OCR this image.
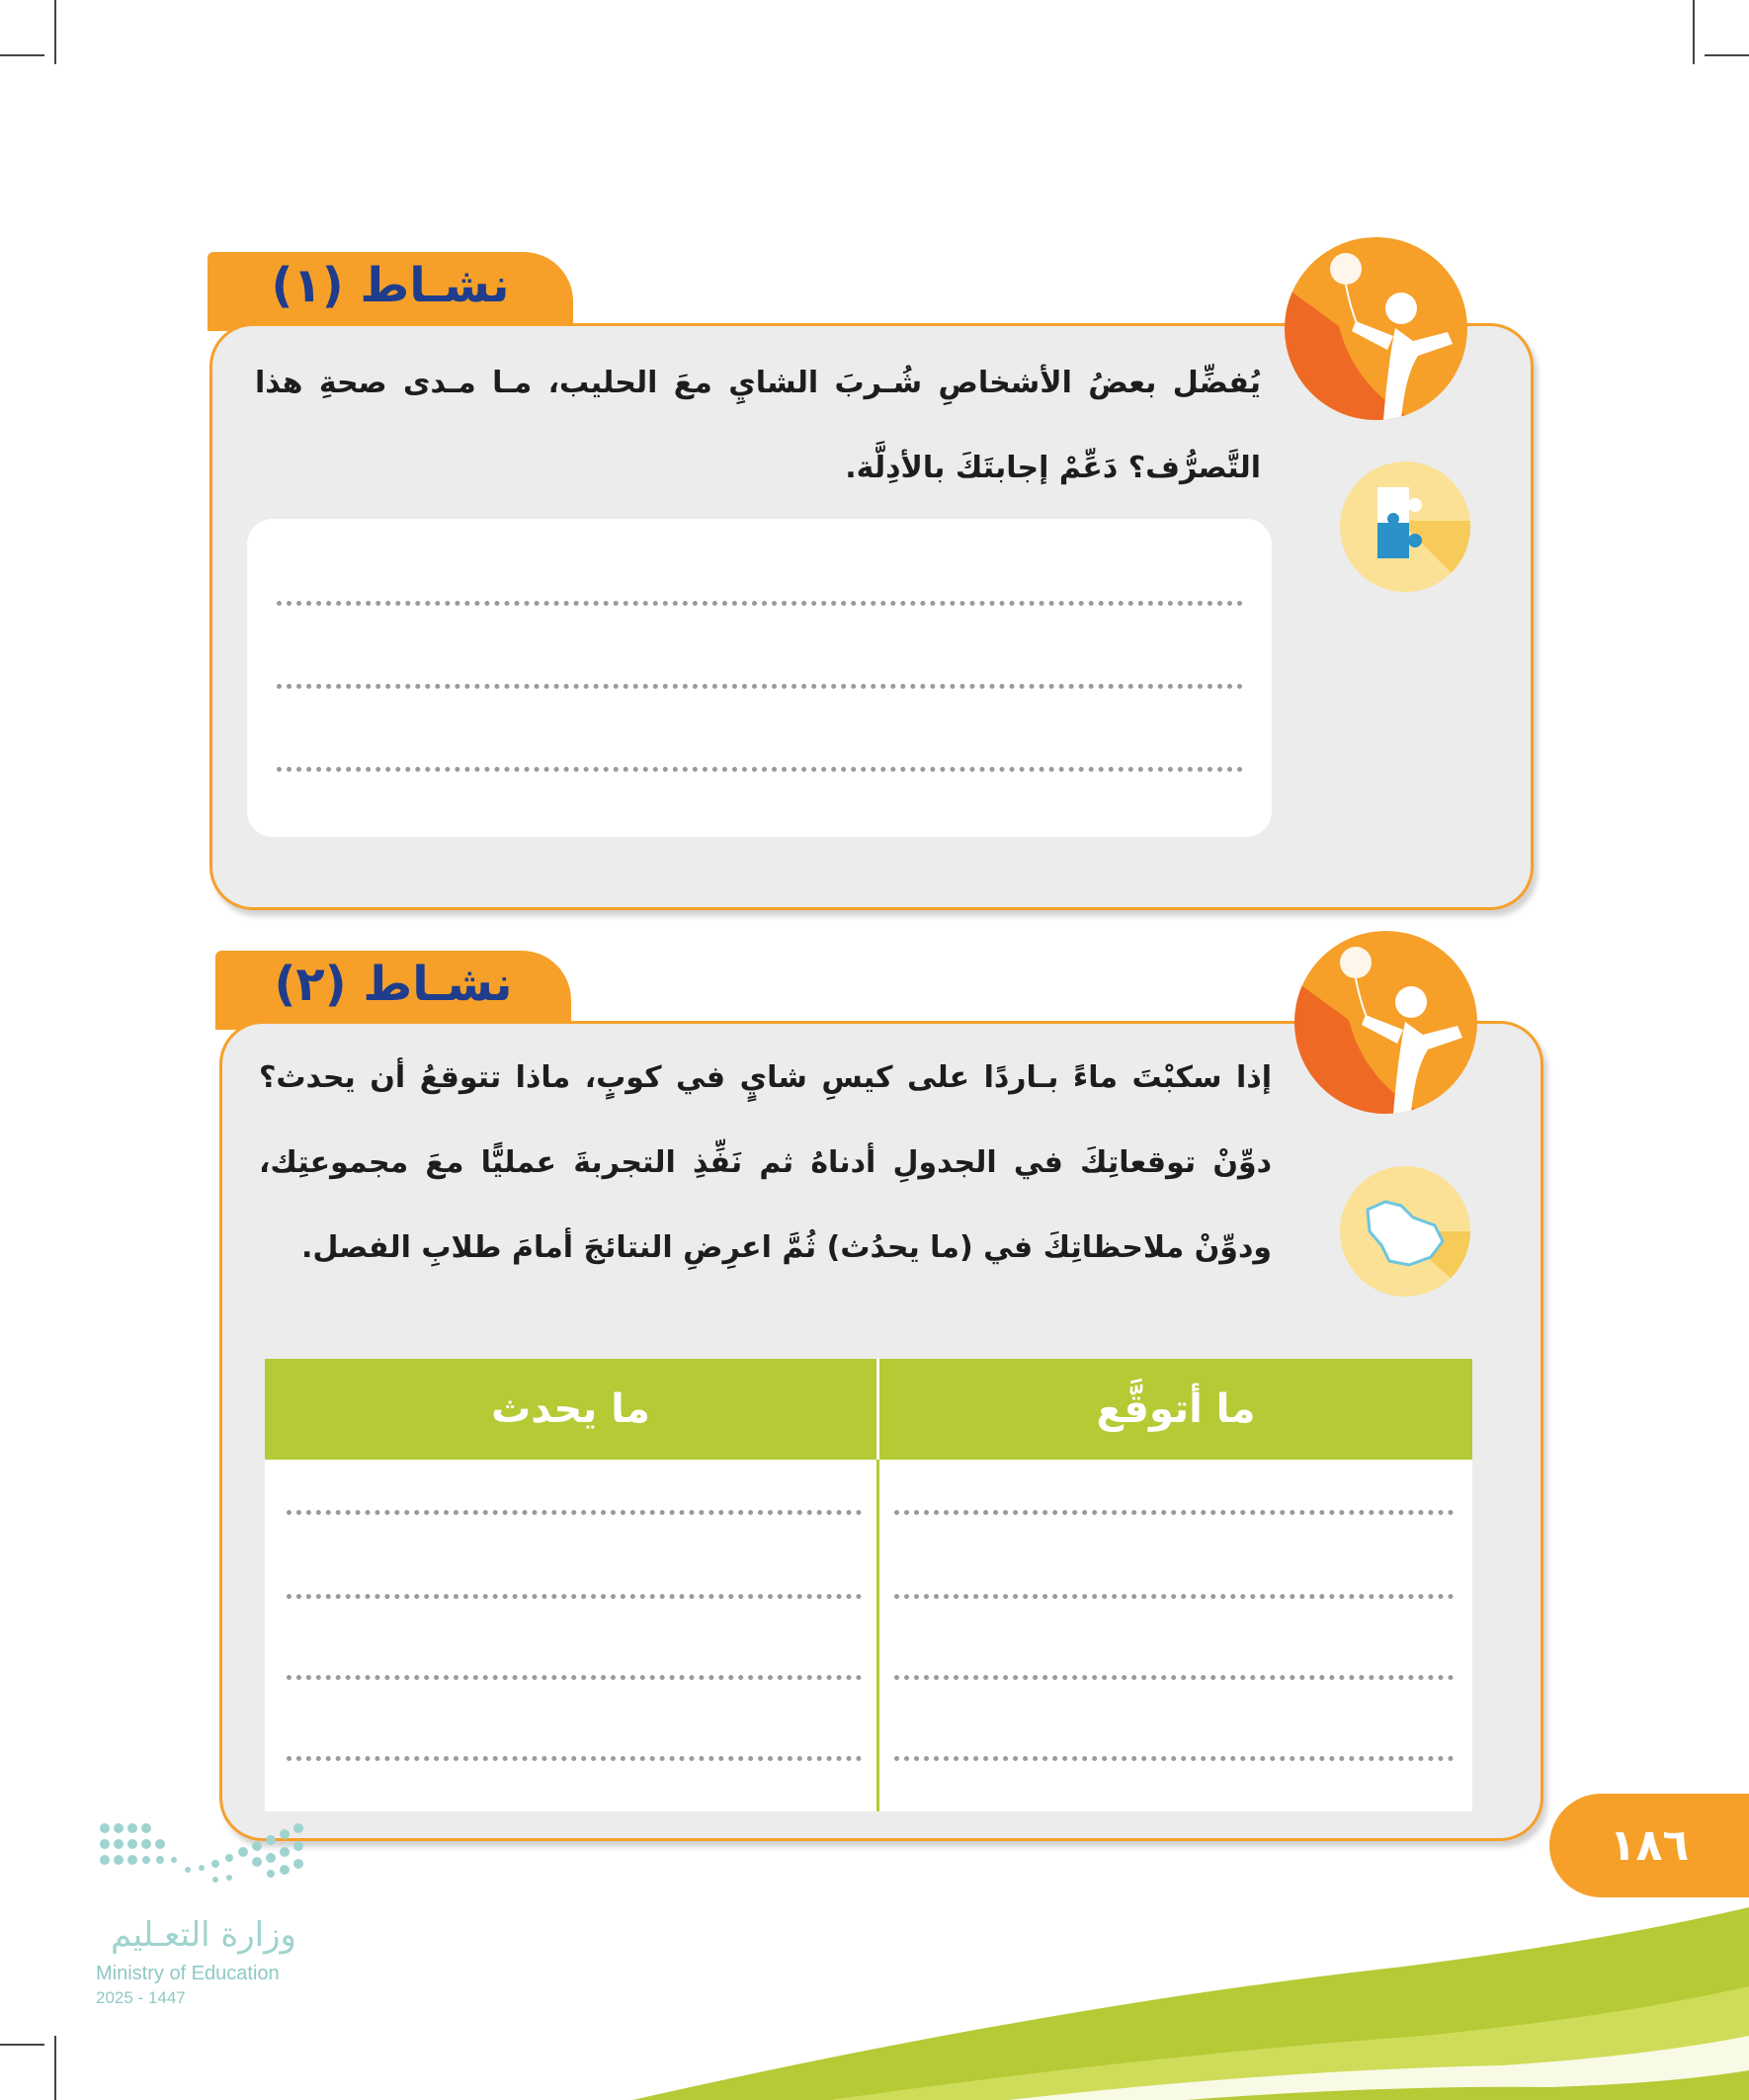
نشـاط (١)
يُفضِّل بعضُ الأشخاصِ شُـربَ الشايِ معَ الحليب، مـا مـدى صحةِ هذا التَّصرُّف؟ دَعِّمْ إجابتَكَ بالأدِلَّة.
نشـاط (٢)
إذا سكبْتَ ماءً بـاردًا على كيسِ شايٍ في كوبٍ، ماذا تتوقعُ أن يحدث؟ دوِّنْ توقعاتِكَ في الجدولِ أدناهُ ثم نَفِّذِ التجربةَ عمليًّا معَ مجموعتِك، ودوِّنْ ملاحظاتِكَ في (ما يحدُث) ثُمَّ اعرِضِ النتائجَ أمامَ طلابِ الفصل.
ما أتوقَّع
ما يحدث
١٨٦
وزارة التعـليم
Ministry of Education
2025 - 1447
